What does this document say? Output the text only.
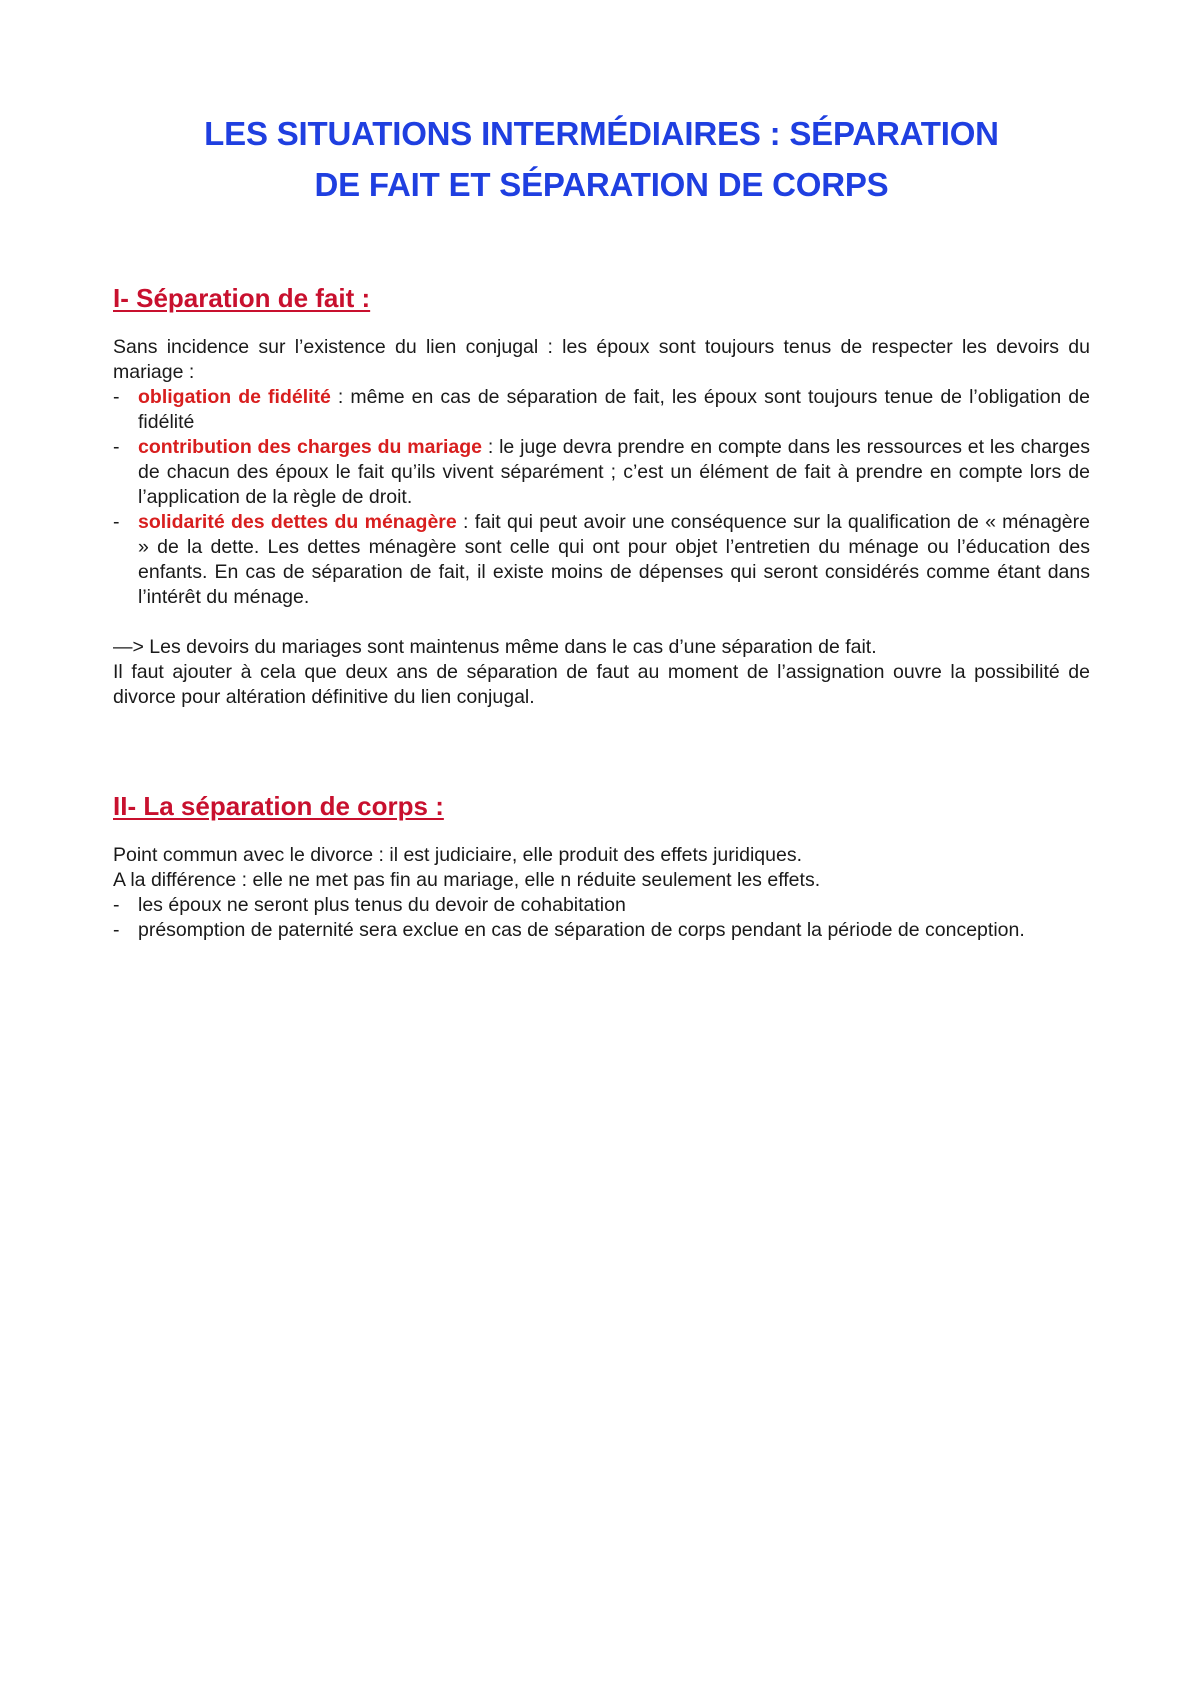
LES SITUATIONS INTERMÉDIAIRES : SÉPARATION
DE FAIT ET SÉPARATION DE CORPS
I- Séparation de fait :

Sans incidence sur l’existence du lien conjugal : les époux sont toujours tenus de respecter les devoirs du mariage :

- obligation de fidélité : même en cas de séparation de fait, les époux sont toujours tenue de l’obligation de fidélité
- contribution des charges du mariage : le juge devra prendre en compte dans les ressources et les charges de chacun des époux le fait qu’ils vivent séparément ; c’est un élément de fait à prendre en compte lors de l’application de la règle de droit.
- solidarité des dettes du ménagère : fait qui peut avoir une conséquence sur la qualification de « ménagère » de la dette. Les dettes ménagère sont celle qui ont pour objet l’entretien du ménage ou l’éducation des enfants. En cas de séparation de fait, il existe moins de dépenses qui seront considérés comme étant dans l’intérêt du ménage.

—> Les devoirs du mariages sont maintenus même dans le cas d’une séparation de fait.

Il faut ajouter à cela que deux ans de séparation de faut au moment de l’assignation ouvre la possibilité de divorce pour altération définitive du lien conjugal.

II- La séparation de corps :

Point commun avec le divorce : il est judiciaire, elle produit des effets juridiques.

A la différence : elle ne met pas fin au mariage, elle n réduite seulement les effets.

- les époux ne seront plus tenus du devoir de cohabitation
- présomption de paternité sera exclue en cas de séparation de corps pendant la période de conception.
